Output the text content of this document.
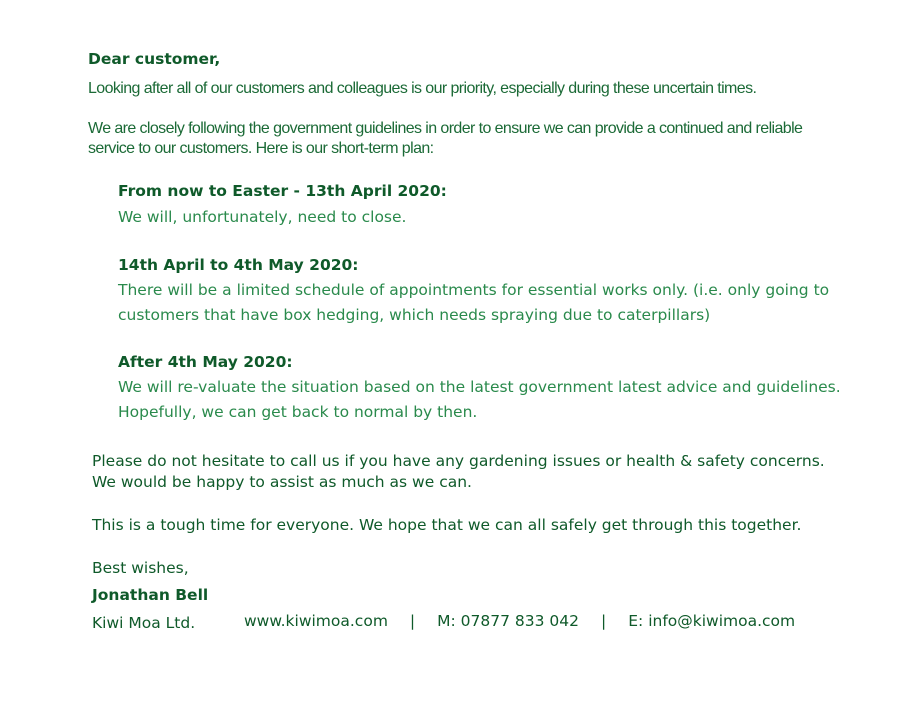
Dear customer,

Looking after all of our customers and colleagues is our priority, especially during these uncertain times.

We are closely following the government guidelines in order to ensure we can provide a continued and reliable service to our customers. Here is our short-term plan:

From now to Easter - 13th April 2020:

We will, unfortunately, need to close.

14th April to 4th May 2020:

There will be a limited schedule of appointments for essential works only. (i.e. only going to customers that have box hedging, which needs spraying due to caterpillars)

After 4th May 2020:

We will re-valuate the situation based on the latest government latest advice and guidelines. Hopefully, we can get back to normal by then.

Please do not hesitate to call us if you have any gardening issues or health & safety concerns. We would be happy to assist as much as we can.

This is a tough time for everyone. We hope that we can all safely get through this together.

Best wishes,

Jonathan Bell

Kiwi Moa Ltd.	www.kiwimoa.com | M: 07877 833 042 | E: info@kiwimoa.com
